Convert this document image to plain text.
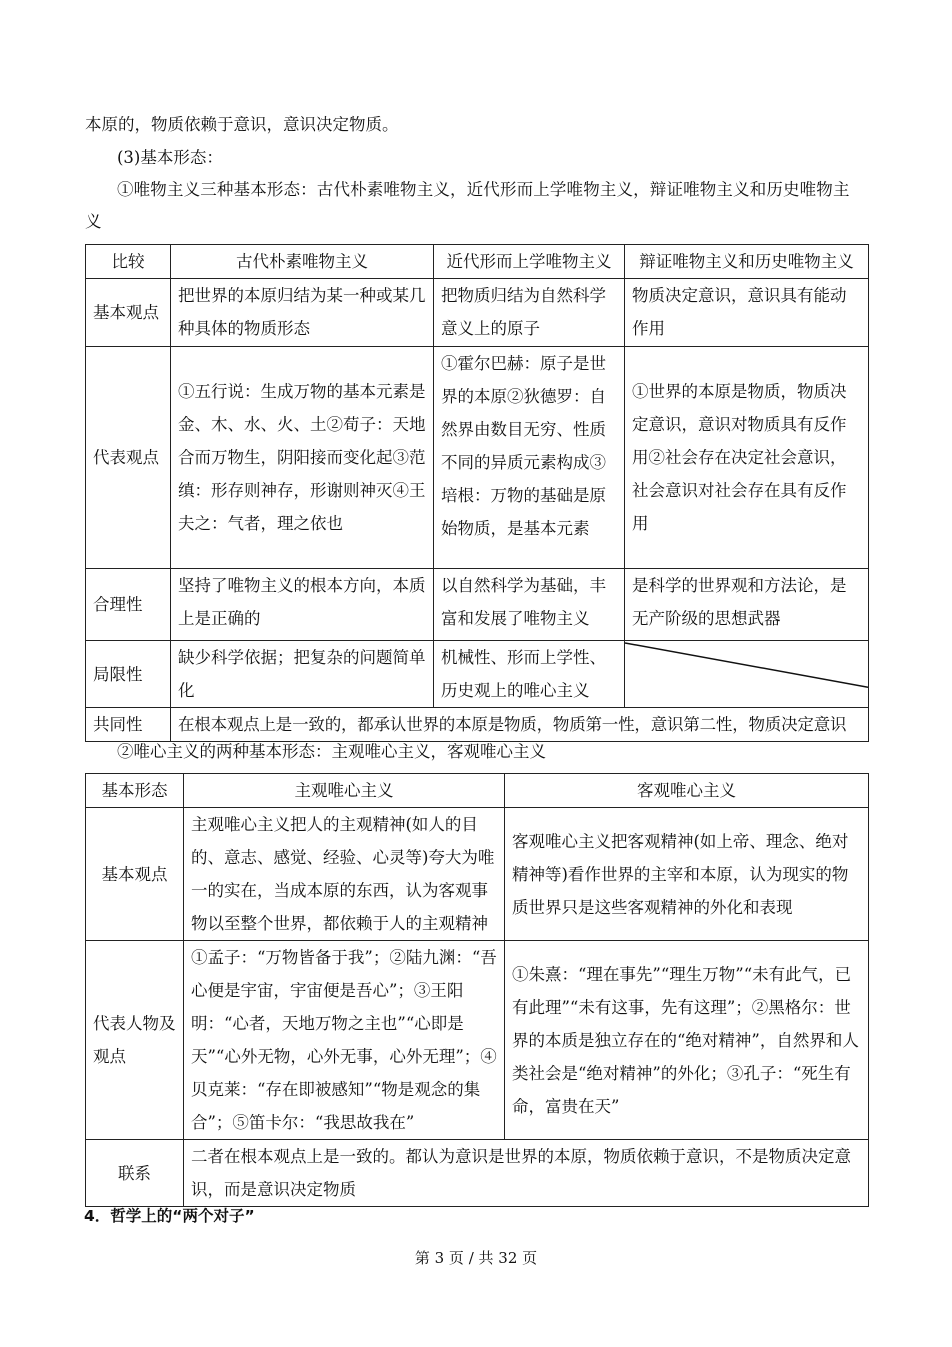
本原的，物质依赖于意识，意识决定物质。
(3)基本形态：
①唯物主义三种基本形态：古代朴素唯物主义，近代形而上学唯物主义，辩证唯物主义和历史唯物主
义
比较	古代朴素唯物主义	近代形而上学唯物主义	辩证唯物主义和历史唯物主义
基本观点	把世界的本原归结为某一种或某几种具体的物质形态	把物质归结为自然科学意义上的原子	物质决定意识，意识具有能动作用
代表观点	①五行说：生成万物的基本元素是金、木、水、火、土②荀子：天地合而万物生，阴阳接而变化起③范缜：形存则神存，形谢则神灭④王夫之：气者，理之依也	①霍尔巴赫：原子是世界的本原②狄德罗：自然界由数目无穷、性质不同的异质元素构成③培根：万物的基础是原始物质，是基本元素	①世界的本原是物质，物质决定意识，意识对物质具有反作用②社会存在决定社会意识，社会意识对社会存在具有反作用
合理性	坚持了唯物主义的根本方向，本质上是正确的	以自然科学为基础，丰富和发展了唯物主义	是科学的世界观和方法论，是无产阶级的思想武器
局限性	缺少科学依据；把复杂的问题简单化	机械性、形而上学性、历史观上的唯心主义	

共同性	在根本观点上是一致的，都承认世界的本原是物质，物质第一性，意识第二性，物质决定意识		
②唯心主义的两种基本形态：主观唯心主义，客观唯心主义
基本形态	主观唯心主义	客观唯心主义
基本观点	主观唯心主义把人的主观精神(如人的目的、意志、感觉、经验、心灵等)夸大为唯一的实在，当成本原的东西，认为客观事物以至整个世界，都依赖于人的主观精神	客观唯心主义把客观精神(如上帝、理念、绝对精神等)看作世界的主宰和本原，认为现实的物质世界只是这些客观精神的外化和表现
代表人物及观点	①孟子：“万物皆备于我”；②陆九渊：“吾心便是宇宙，宇宙便是吾心”；③王阳明：“心者，天地万物之主也”“心即是天”“心外无物，心外无事，心外无理”；④贝克莱：“存在即被感知”“物是观念的集合”；⑤笛卡尔：“我思故我在”	①朱熹：“理在事先”“理生万物”“未有此气，已有此理”“未有这事，先有这理”；②黑格尔：世界的本质是独立存在的“绝对精神”，自然界和人类社会是“绝对精神”的外化；③孔子：“死生有命，富贵在天”
联系	二者在根本观点上是一致的。都认为意识是世界的本原，物质依赖于意识，不是物质决定意识，而是意识决定物质	
4．哲学上的“两个对子”
第 3 页 / 共 32 页
